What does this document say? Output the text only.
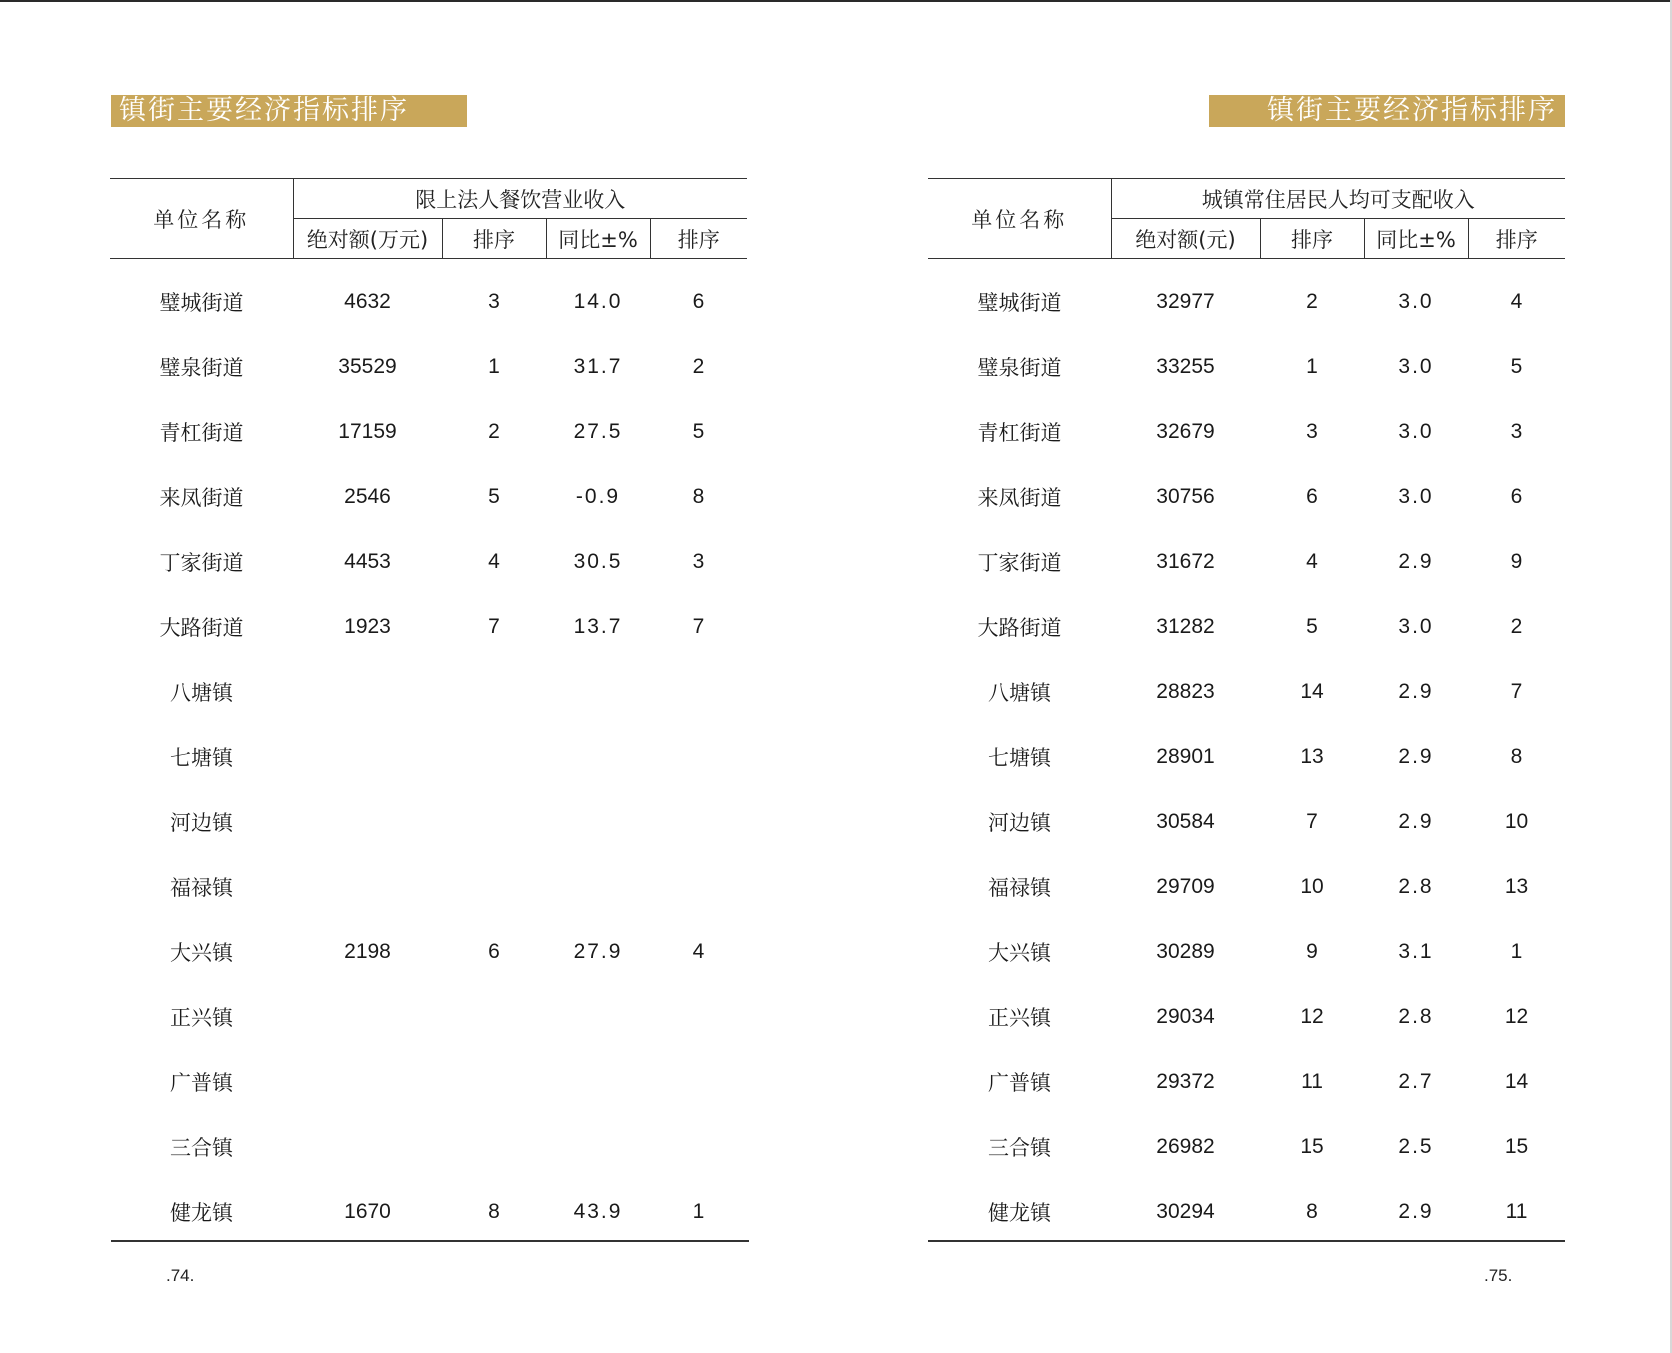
镇街主要经济指标排序
单位名称	限上法人餐饮营业收入			
	绝对额(万元)	排序	同比±%	排序
璧城街道	4632	3	14.0	6
璧泉街道	35529	1	31.7	2
青杠街道	17159	2	27.5	5
来凤街道	2546	5	-0.9	8
丁家街道	4453	4	30.5	3
大路街道	1923	7	13.7	7
八塘镇				
七塘镇				
河边镇				
福禄镇				
大兴镇	2198	6	27.9	4
正兴镇				
广普镇				
三合镇				
健龙镇	1670	8	43.9	1
.74.
镇街主要经济指标排序
单位名称	城镇常住居民人均可支配收入			
	绝对额(元)	排序	同比±%	排序
璧城街道	32977	2	3.0	4
璧泉街道	33255	1	3.0	5
青杠街道	32679	3	3.0	3
来凤街道	30756	6	3.0	6
丁家街道	31672	4	2.9	9
大路街道	31282	5	3.0	2
八塘镇	28823	14	2.9	7
七塘镇	28901	13	2.9	8
河边镇	30584	7	2.9	10
福禄镇	29709	10	2.8	13
大兴镇	30289	9	3.1	1
正兴镇	29034	12	2.8	12
广普镇	29372	11	2.7	14
三合镇	26982	15	2.5	15
健龙镇	30294	8	2.9	11
.75.
